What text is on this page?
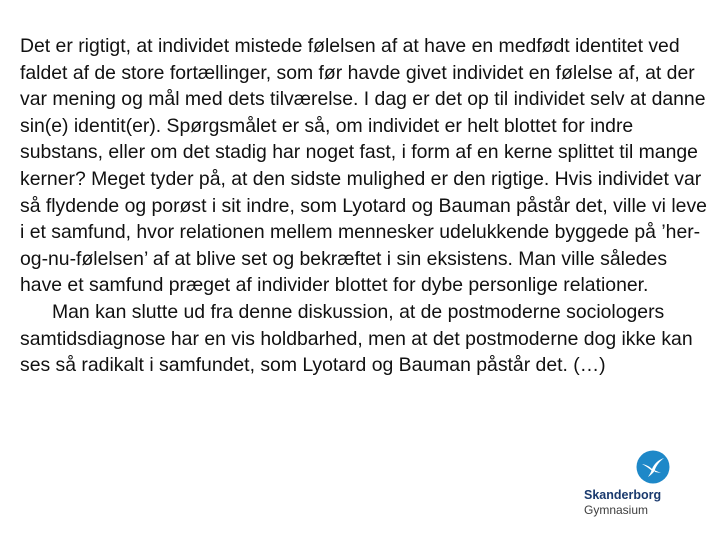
Det er rigtigt, at individet mistede følelsen af at have en medfødt identitet ved faldet af de store fortællinger, som før havde givet individet en følelse af, at der var mening og mål med dets tilværelse. I dag er det op til individet selv at danne sin(e) identit(er). Spørgsmålet er så, om individet er helt blottet for indre substans, eller om det stadig har noget fast, i form af en kerne splittet til mange kerner? Meget tyder på, at den sidste mulighed er den rigtige. Hvis individet var så flydende og porøst i sit indre, som Lyotard og Bauman påstår det, ville vi leve i et samfund, hvor relationen mellem mennesker udelukkende byggede på ’her-og-nu-følelsen’ af at blive set og bekræftet i sin eksistens. Man ville således have et samfund præget af individer blottet for dybe personlige relationer.

Man kan slutte ud fra denne diskussion, at de postmoderne sociologers samtidsdiagnose har en vis holdbarhed, men at det postmoderne dog ikke kan ses så radikalt i samfundet, som Lyotard og Bauman påstår det. (…)

Skanderborg
Gymnasium
